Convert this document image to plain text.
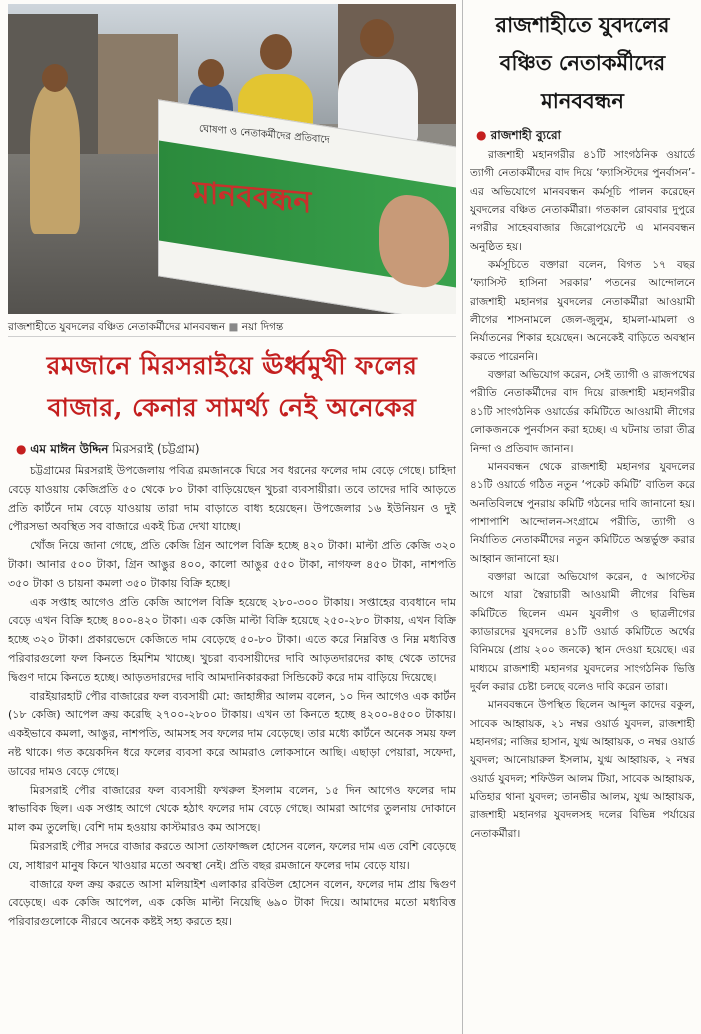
ঘোষণা ও নেতাকর্মীদের প্রতিবাদে
মানববন্ধন
রাজশাহীতে যুবদলের বঞ্চিত নেতাকর্মীদের মানববন্ধন ■ নয়া দিগন্ত
রমজানে মিরসরাইয়ে ঊর্ধ্বমুখী ফলের বাজার, কেনার সামর্থ্য নেই অনেকের
● এম মাঈন উদ্দিন মিরসরাই (চট্টগ্রাম)

চট্টগ্রামের মিরসরাই উপজেলায় পবিত্র রমজানকে ঘিরে সব ধরনের ফলের দাম বেড়ে গেছে। চাহিদা বেড়ে যাওয়ায় কেজিপ্রতি ৫০ থেকে ৮০ টাকা বাড়িয়েছেন খুচরা ব্যবসায়ীরা। তবে তাদের দাবি আড়তে প্রতি কার্টনে দাম বেড়ে যাওয়ায় তারা দাম বাড়াতে বাধ্য হয়েছেন। উপজেলার ১৬ ইউনিয়ন ও দুই পৌরসভা অবস্থিত সব বাজারে একই চিত্র দেখা যাচ্ছে।

খোঁজ নিয়ে জানা গেছে, প্রতি কেজি গ্রিন আপেল বিক্রি হচ্ছে ৪২০ টাকা। মাল্টা প্রতি কেজি ৩২০ টাকা। আনার ৫০০ টাকা, গ্রিন আঙুর ৪০০, কালো আঙুর ৫৫০ টাকা, নাগফল ৪৫০ টাকা, নাশপতি ৩৫০ টাকা ও চায়না কমলা ৩৫০ টাকায় বিক্রি হচ্ছে।

এক সপ্তাহ আগেও প্রতি কেজি আপেল বিক্রি হয়েছে ২৮০-৩০০ টাকায়। সপ্তাহের ব্যবধানে দাম বেড়ে এখন বিক্রি হচ্ছে ৪০০-৪২০ টাকা। এক কেজি মাল্টা বিক্রি হয়েছে ২৫০-২৮০ টাকায়, এখন বিক্রি হচ্ছে ৩২০ টাকা। প্রকারভেদে কেজিতে দাম বেড়েছে ৫০-৮০ টাকা। এতে করে নিম্নবিত্ত ও নিম্ন মধ্যবিত্ত পরিবারগুলো ফল কিনতে হিমশিম খাচ্ছে। খুচরা ব্যবসায়ীদের দাবি আড়তদারদের কাছ থেকে তাদের দ্বিগুণ দামে কিনতে হচ্ছে। আড়তদারদের দাবি আমদানিকারকরা সিন্ডিকেট করে দাম বাড়িয়ে দিয়েছে।

বারইয়ারহাট পৌর বাজারের ফল ব্যবসায়ী মো: জাহাঙ্গীর আলম বলেন, ১০ দিন আগেও এক কার্টন (১৮ কেজি) আপেল ক্রয় করেছি ২৭০০-২৮০০ টাকায়। এখন তা কিনতে হচ্ছে ৪২০০-৪৫০০ টাকায়। একইভাবে কমলা, আঙুর, নাশপতি, আমসহ সব ফলের দাম বেড়েছে। তার মধ্যে কার্টনে অনেক সময় ফল নষ্ট থাকে। গত কয়েকদিন ধরে ফলের ব্যবসা করে আমরাও লোকসানে আছি। এছাড়া পেয়ারা, সফেদা, ডাবের দামও বেড়ে গেছে।

মিরসরাই পৌর বাজারের ফল ব্যবসায়ী ফখরুল ইসলাম বলেন, ১৫ দিন আগেও ফলের দাম স্বাভাবিক ছিল। এক সপ্তাহ আগে থেকে হঠাৎ ফলের দাম বেড়ে গেছে। আমরা আগের তুলনায় দোকানে মাল কম তুলেছি। বেশি দাম হওয়ায় কাস্টমারও কম আসছে।

মিরসরাই পৌর সদরে বাজার করতে আসা তোফাজ্জল হোসেন বলেন, ফলের দাম এত বেশি বেড়েছে যে, সাধারণ মানুষ কিনে খাওয়ার মতো অবস্থা নেই। প্রতি বছর রমজানে ফলের দাম বেড়ে যায়।

বাজারে ফল ক্রয় করতে আসা মলিয়াইশ এলাকার রবিউল হোসেন বলেন, ফলের দাম প্রায় দ্বিগুণ বেড়েছে। এক কেজি আপেল, এক কেজি মাল্টা নিয়েছি ৬৯০ টাকা দিয়ে। আমাদের মতো মধ্যবিত্ত পরিবারগুলোকে নীরবে অনেক কষ্টই সহ্য করতে হয়।

রাজশাহীতে যুবদলের বঞ্চিত নেতাকর্মীদের মানববন্ধন
● রাজশাহী ব্যুরো

রাজশাহী মহানগরীর ৪১টি সাংগঠনিক ওয়ার্ডে ত্যাগী নেতাকর্মীদের বাদ দিয়ে ‘ফ্যাসিস্টদের পুনর্বাসন’-এর অভিযোগে মানববন্ধন কর্মসূচি পালন করেছেন যুবদলের বঞ্চিত নেতাকর্মীরা। গতকাল রোববার দুপুরে নগরীর সাহেববাজার জিরোপয়েন্টে এ মানববন্ধন অনুষ্ঠিত হয়।

কর্মসূচিতে বক্তারা বলেন, বিগত ১৭ বছর ‘ফ্যাসিস্ট হাসিনা সরকার’ পতনের আন্দোলনে রাজশাহী মহানগর যুবদলের নেতাকর্মীরা আওয়ামী লীগের শাসনামলে জেল-জুলুম, হামলা-মামলা ও নির্যাতনের শিকার হয়েছেন। অনেকেই বাড়িতে অবস্থান করতে পারেননি।

বক্তারা অভিযোগ করেন, সেই ত্যাগী ও রাজপথের পরীতি নেতাকর্মীদের বাদ দিয়ে রাজশাহী মহানগরীর ৪১টি সাংগঠনিক ওয়ার্ডের কমিটিতে আওয়ামী লীগের লোকজনকে পুনর্বাসন করা হচ্ছে। এ ঘটনায় তারা তীব্র নিন্দা ও প্রতিবাদ জানান।

মানববন্ধন থেকে রাজশাহী মহানগর যুবদলের ৪১টি ওয়ার্ডে গঠিত নতুন ‘পকেট কমিটি’ বাতিল করে অনতিবিলম্বে পুনরায় কমিটি গঠনের দাবি জানানো হয়। পাশাপাশি আন্দোলন-সংগ্রামে পরীতি, ত্যাগী ও নির্যাতিত নেতাকর্মীদের নতুন কমিটিতে অন্তর্ভুক্ত করার আহ্বান জানানো হয়।

বক্তারা আরো অভিযোগ করেন, ৫ আগস্টের আগে যারা স্বৈরাচারী আওয়ামী লীগের বিভিন্ন কমিটিতে ছিলেন এমন যুবলীগ ও ছাত্রলীগের ক্যাডারদের যুবদলের ৪১টি ওয়ার্ড কমিটিতে অর্থের বিনিময়ে (প্রায় ২০০ জনকে) স্থান দেওয়া হয়েছে। এর মাধ্যমে রাজশাহী মহানগর যুবদলের সাংগঠনিক ভিত্তি দুর্বল করার চেষ্টা চলছে বলেও দাবি করেন তারা।

মানববন্ধনে উপস্থিত ছিলেন আব্দুল কাদের বকুল, সাবেক আহ্বায়ক, ২১ নম্বর ওয়ার্ড যুবদল, রাজশাহী মহানগর; নাজির হাসান, যুগ্ম আহ্বায়ক, ৩ নম্বর ওয়ার্ড যুবদল; আনোয়ারুল ইসলাম, যুগ্ম আহ্বায়ক, ২ নম্বর ওয়ার্ড যুবদল; শফিউল আলম টিয়া, সাবেক আহ্বায়ক, মতিহার থানা যুবদল; তানভীর আলম, যুগ্ম আহ্বায়ক, রাজশাহী মহানগর যুবদলসহ দলের বিভিন্ন পর্যায়ের নেতাকর্মীরা।
